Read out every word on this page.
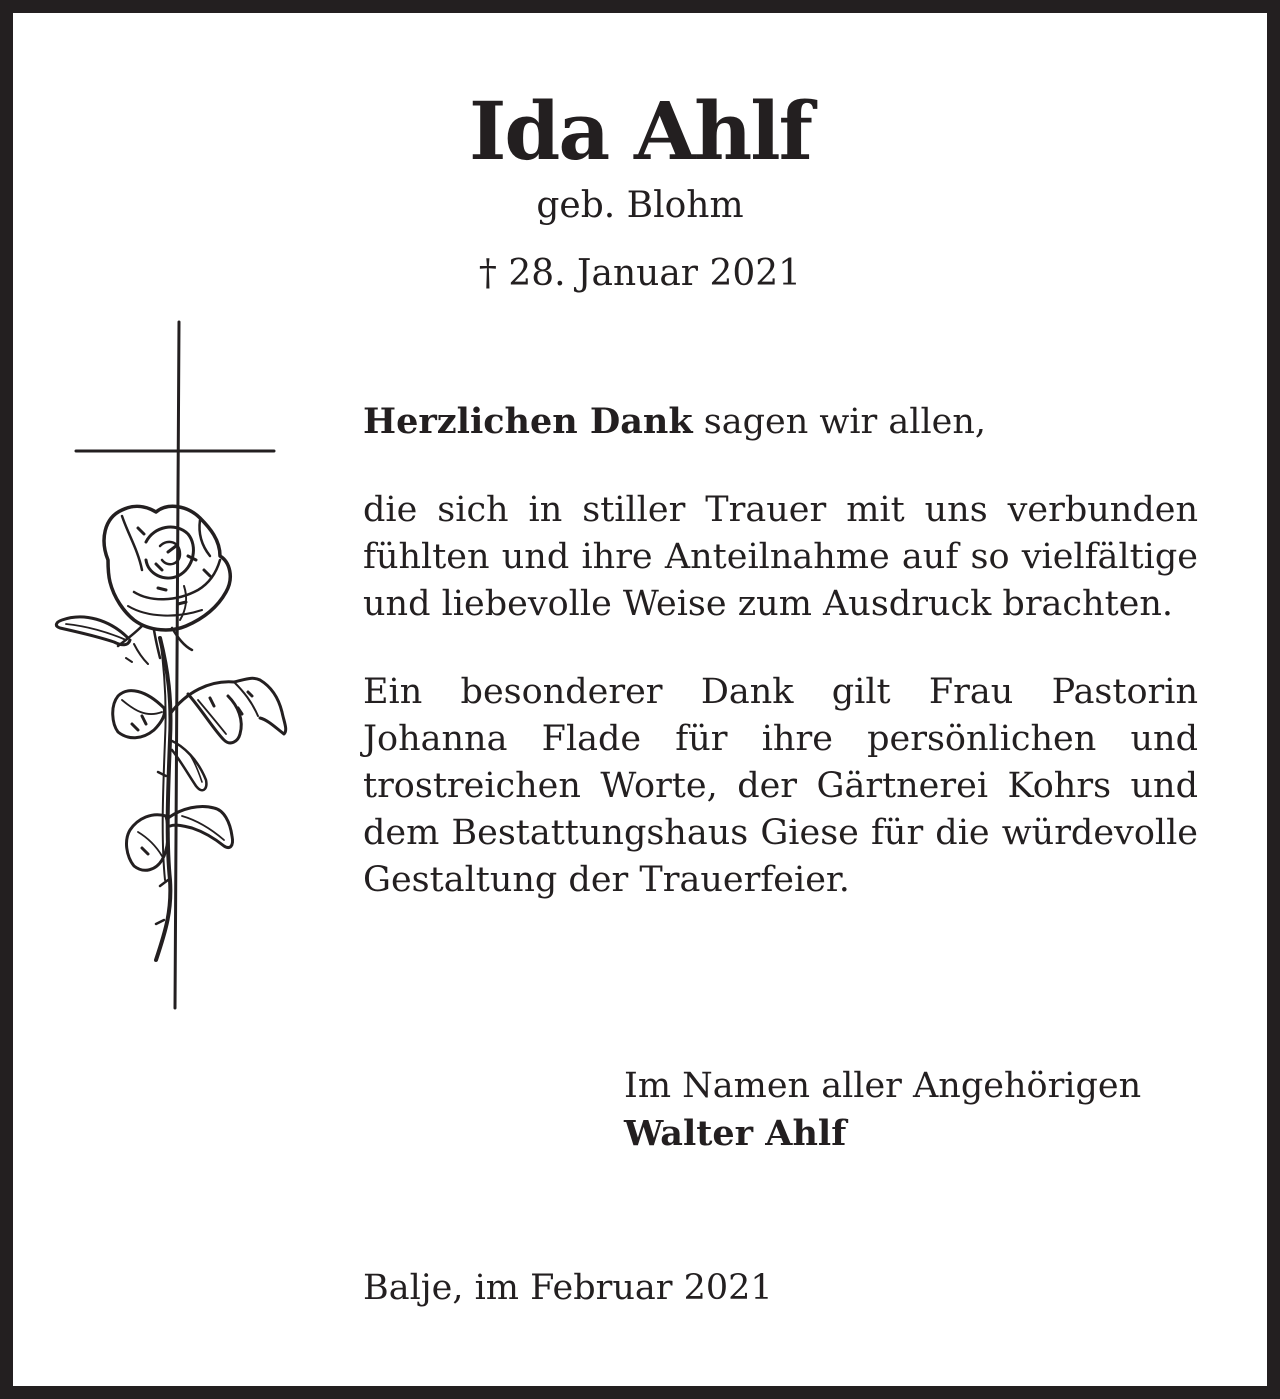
Ida Ahlf
geb. Blohm
† 28. Januar 2021

Herzlichen Dank sagen wir allen,

die sich in stiller Trauer mit uns verbunden fühlten und ihre Anteilnahme auf so vielfältige und liebevolle Weise zum Ausdruck brachten.

Ein besonderer Dank gilt Frau Pastorin Johanna Flade für ihre persönlichen und trostreichen Worte, der Gärtnerei Kohrs und dem Bestattungshaus Giese für die würdevolle Gestaltung der Trauerfeier.

Im Namen aller Angehörigen
Walter Ahlf
Balje, im Februar 2021
